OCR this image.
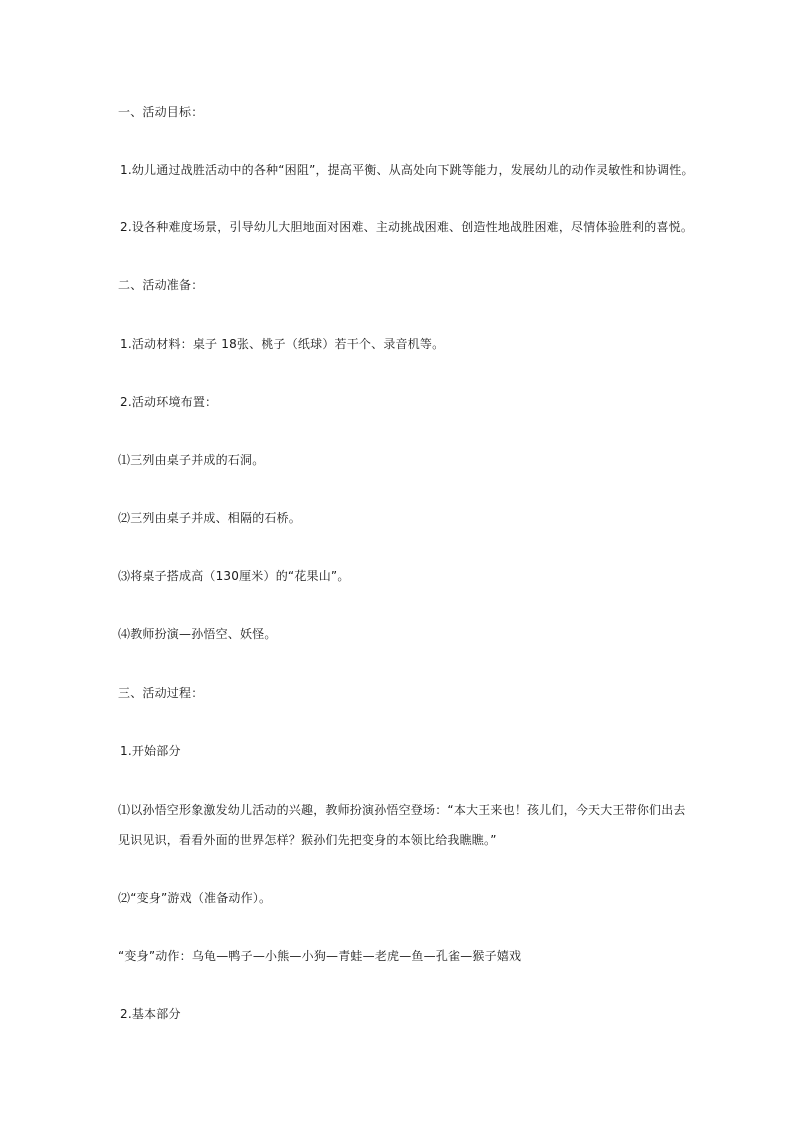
一、活动目标：
1.幼儿通过战胜活动中的各种“困阻”，提高平衡、从高处向下跳等能力，发展幼儿的动作灵敏性和协调性。
2.设各种难度场景，引导幼儿大胆地面对困难、主动挑战困难、创造性地战胜困难，尽情体验胜利的喜悦。
二、活动准备：
1.活动材料：桌子 18张、桃子（纸球）若干个、录音机等。
2.活动环境布置：
⑴三列由桌子并成的石洞。
⑵三列由桌子并成、相隔的石桥。
⑶将桌子搭成高（130厘米）的“花果山”。
⑷教师扮演—孙悟空、妖怪。
三、活动过程：
1.开始部分
⑴以孙悟空形象激发幼儿活动的兴趣，教师扮演孙悟空登场：“本大王来也！孩儿们，今天大王带你们出去
见识见识，看看外面的世界怎样？猴孙们先把变身的本领比给我瞧瞧。”
⑵“变身”游戏（准备动作）。
“变身”动作：乌龟—鸭子—小熊—小狗—青蛙—老虎—鱼—孔雀—猴子嬉戏
2.基本部分
